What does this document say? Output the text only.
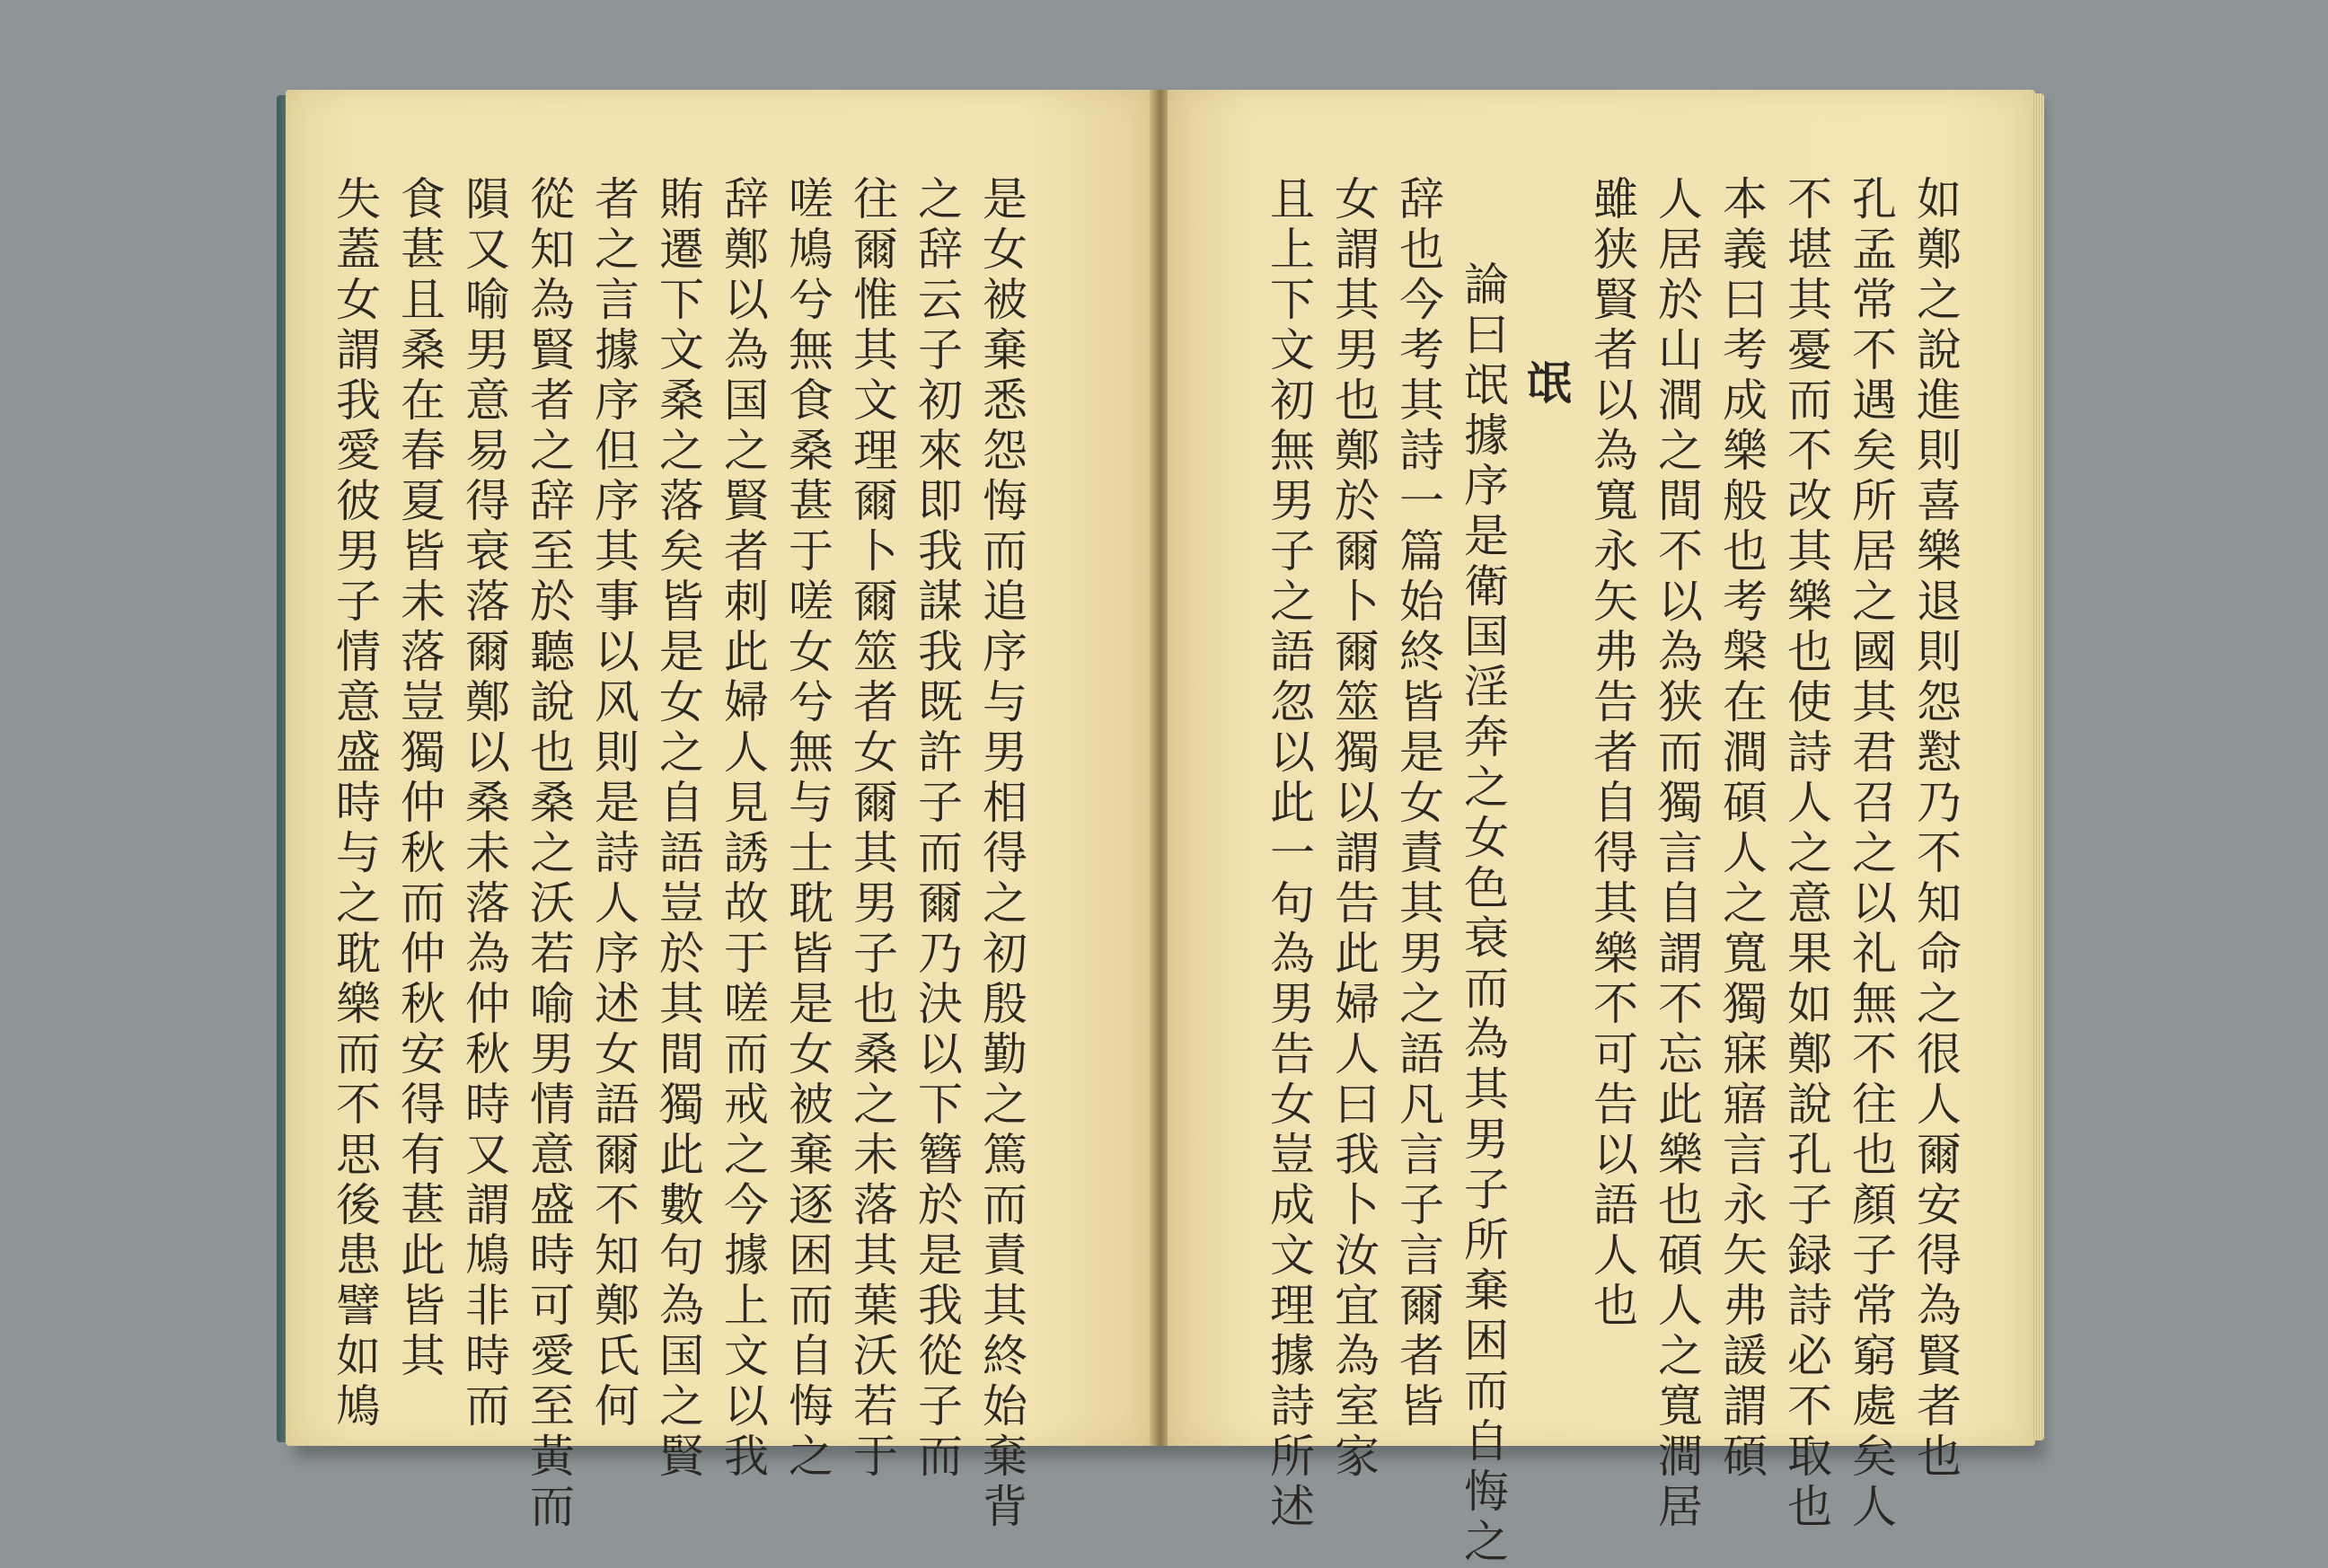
是女被棄悉怨悔而追序与男相得之初殷勤之篤而責其終始棄背
之辞云子初來即我謀我既許子而爾乃決以下簪於是我從子而
往爾惟其文理爾卜爾筮者女爾其男子也桑之未落其葉沃若于
嗟鳩兮無食桑葚于嗟女兮無与士耽皆是女被棄逐困而自悔之
辞鄭以為国之賢者刺此婦人見誘故于嗟而戒之今據上文以我
賄遷下文桑之落矣皆是女之自語豈於其間獨此數句為国之賢
者之言據序但序其事以风則是詩人序述女語爾不知鄭氏何
從知為賢者之辞至於聽說也桑之沃若喻男情意盛時可愛至黃而
隕又喻男意易得衰落爾鄭以桑未落為仲秋時又謂鳩非時而
食葚且桑在春夏皆未落豈獨仲秋而仲秋安得有葚此皆其
失蓋女謂我愛彼男子情意盛時与之耽樂而不思後患譬如鳩	如鄭之說進則喜樂退則怨懟乃不知命之很人爾安得為賢者也
孔孟常不遇矣所居之國其君召之以礼無不往也顏子常窮處矣人
不堪其憂而不改其樂也使詩人之意果如鄭說孔子録詩必不取也
本義曰考成樂般也考槃在澗碩人之寬獨寐寤言永矢弗諼謂碩
人居於山澗之間不以為狭而獨言自謂不忘此樂也碩人之寬澗居
雖狭賢者以為寬永矢弗告者自得其樂不可告以語人也
氓
論曰氓據序是衛国淫奔之女色衰而為其男子所棄困而自悔之
辞也今考其詩一篇始終皆是女責其男之語凡言子言爾者皆
女謂其男也鄭於爾卜爾筮獨以謂告此婦人曰我卜汝宜為室家
且上下文初無男子之語忽以此一句為男告女豈成文理據詩所述
